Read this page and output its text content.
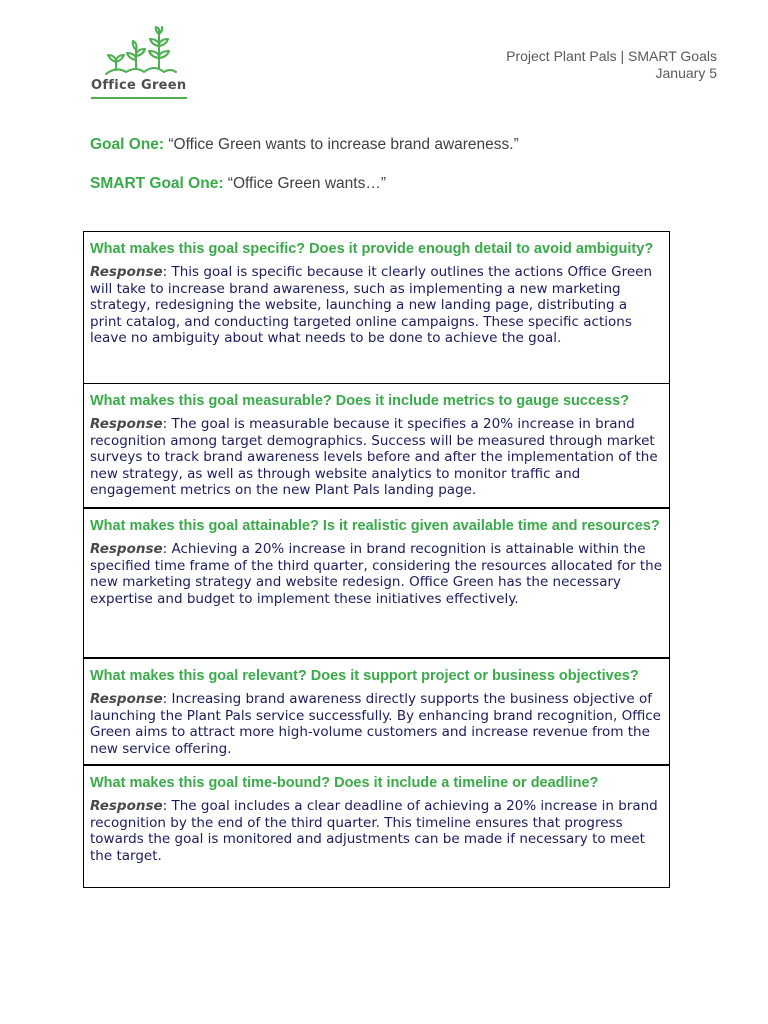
Office Green
Project Plant Pals | SMART Goals
January 5
Goal One: “Office Green wants to increase brand awareness.”
SMART Goal One: “Office Green wants…”
What makes this goal specific? Does it provide enough detail to avoid ambiguity?
Response: This goal is specific because it clearly outlines the actions Office Green will take to increase brand awareness, such as implementing a new marketing strategy, redesigning the website, launching a new landing page, distributing a print catalog, and conducting targeted online campaigns. These specific actions leave no ambiguity about what needs to be done to achieve the goal.
What makes this goal measurable? Does it include metrics to gauge success?
Response: The goal is measurable because it specifies a 20% increase in brand recognition among target demographics. Success will be measured through market surveys to track brand awareness levels before and after the implementation of the new strategy, as well as through website analytics to monitor traffic and engagement metrics on the new Plant Pals landing page.
What makes this goal attainable? Is it realistic given available time and resources?
Response: Achieving a 20% increase in brand recognition is attainable within the specified time frame of the third quarter, considering the resources allocated for the new marketing strategy and website redesign. Office Green has the necessary expertise and budget to implement these initiatives effectively.
What makes this goal relevant? Does it support project or business objectives?
Response: Increasing brand awareness directly supports the business objective of launching the Plant Pals service successfully. By enhancing brand recognition, Office Green aims to attract more high-volume customers and increase revenue from the new service offering.
What makes this goal time-bound? Does it include a timeline or deadline?
Response: The goal includes a clear deadline of achieving a 20% increase in brand recognition by the end of the third quarter. This timeline ensures that progress towards the goal is monitored and adjustments can be made if necessary to meet the target.
